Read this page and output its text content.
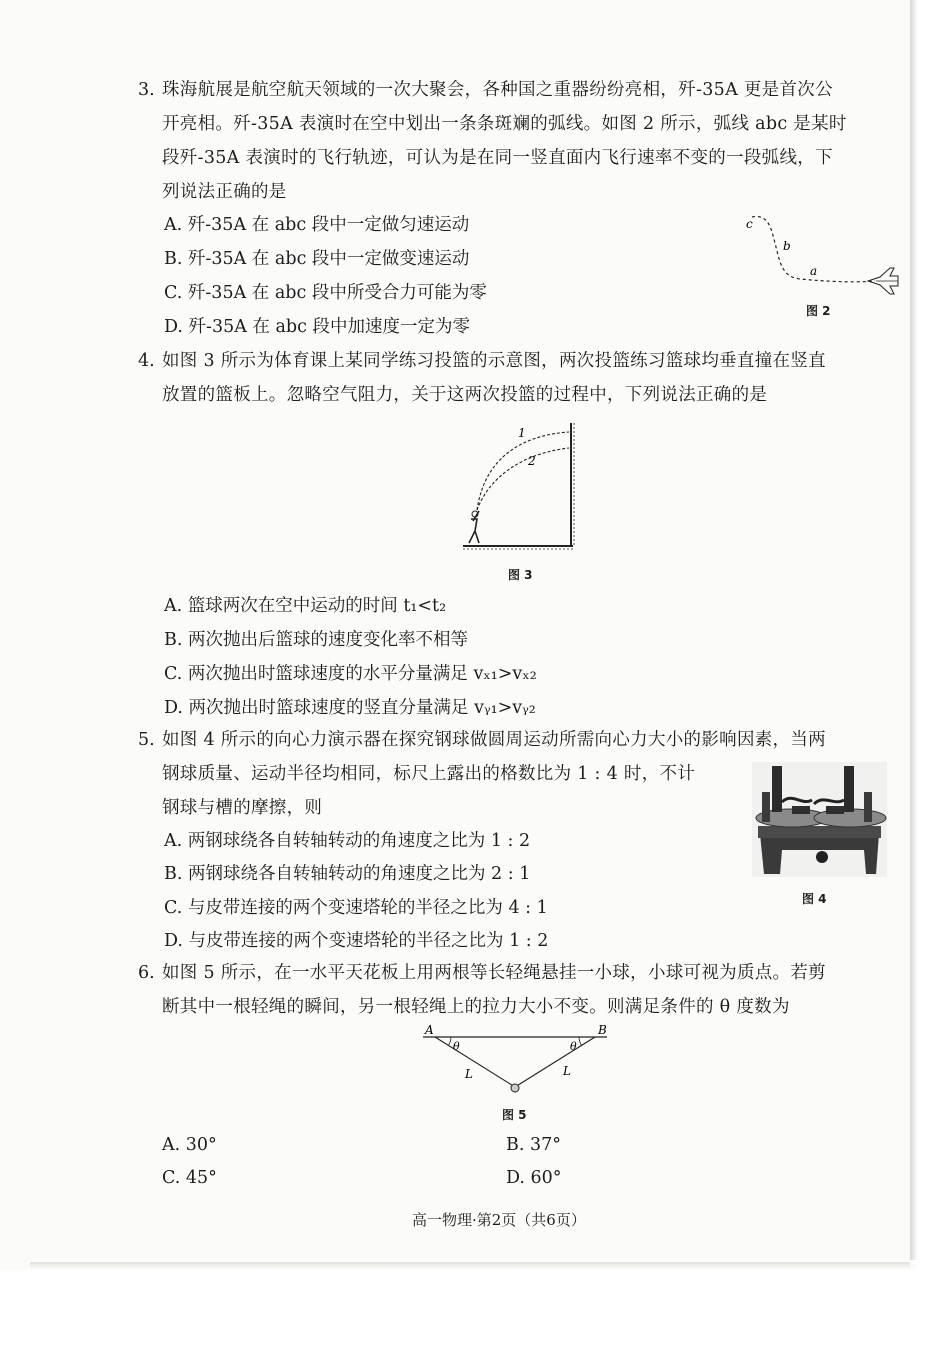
3. 珠海航展是航空航天领域的一次大聚会，各种国之重器纷纷亮相，歼-35A 更是首次公
开亮相。歼-35A 表演时在空中划出一条条斑斓的弧线。如图 2 所示，弧线 abc 是某时
段歼-35A 表演时的飞行轨迹，可认为是在同一竖直面内飞行速率不变的一段弧线，下
列说法正确的是
A. 歼-35A 在 abc 段中一定做匀速运动
B. 歼-35A 在 abc 段中一定做变速运动
C. 歼-35A 在 abc 段中所受合力可能为零
D. 歼-35A 在 abc 段中加速度一定为零
c
b
a
图 2
4. 如图 3 所示为体育课上某同学练习投篮的示意图，两次投篮练习篮球均垂直撞在竖直
放置的篮板上。忽略空气阻力，关于这两次投篮的过程中，下列说法正确的是
1
2
图 3
A. 篮球两次在空中运动的时间 t₁<t₂
B. 两次抛出后篮球的速度变化率不相等
C. 两次抛出时篮球速度的水平分量满足 vₓ₁>vₓ₂
D. 两次抛出时篮球速度的竖直分量满足 vᵧ₁>vᵧ₂
5. 如图 4 所示的向心力演示器在探究钢球做圆周运动所需向心力大小的影响因素，当两
钢球质量、运动半径均相同，标尺上露出的格数比为 1 : 4 时，不计
钢球与槽的摩擦，则
A. 两钢球绕各自转轴转动的角速度之比为 1 : 2
B. 两钢球绕各自转轴转动的角速度之比为 2 : 1
C. 与皮带连接的两个变速塔轮的半径之比为 4 : 1
D. 与皮带连接的两个变速塔轮的半径之比为 1 : 2
图 4
6. 如图 5 所示，在一水平天花板上用两根等长轻绳悬挂一小球，小球可视为质点。若剪
断其中一根轻绳的瞬间，另一根轻绳上的拉力大小不变。则满足条件的 θ 度数为
A	B
θ	θ
L	L
图 5
A. 30°	B. 37°
C. 45°	D. 60°
高一物理·第2页（共6页）
